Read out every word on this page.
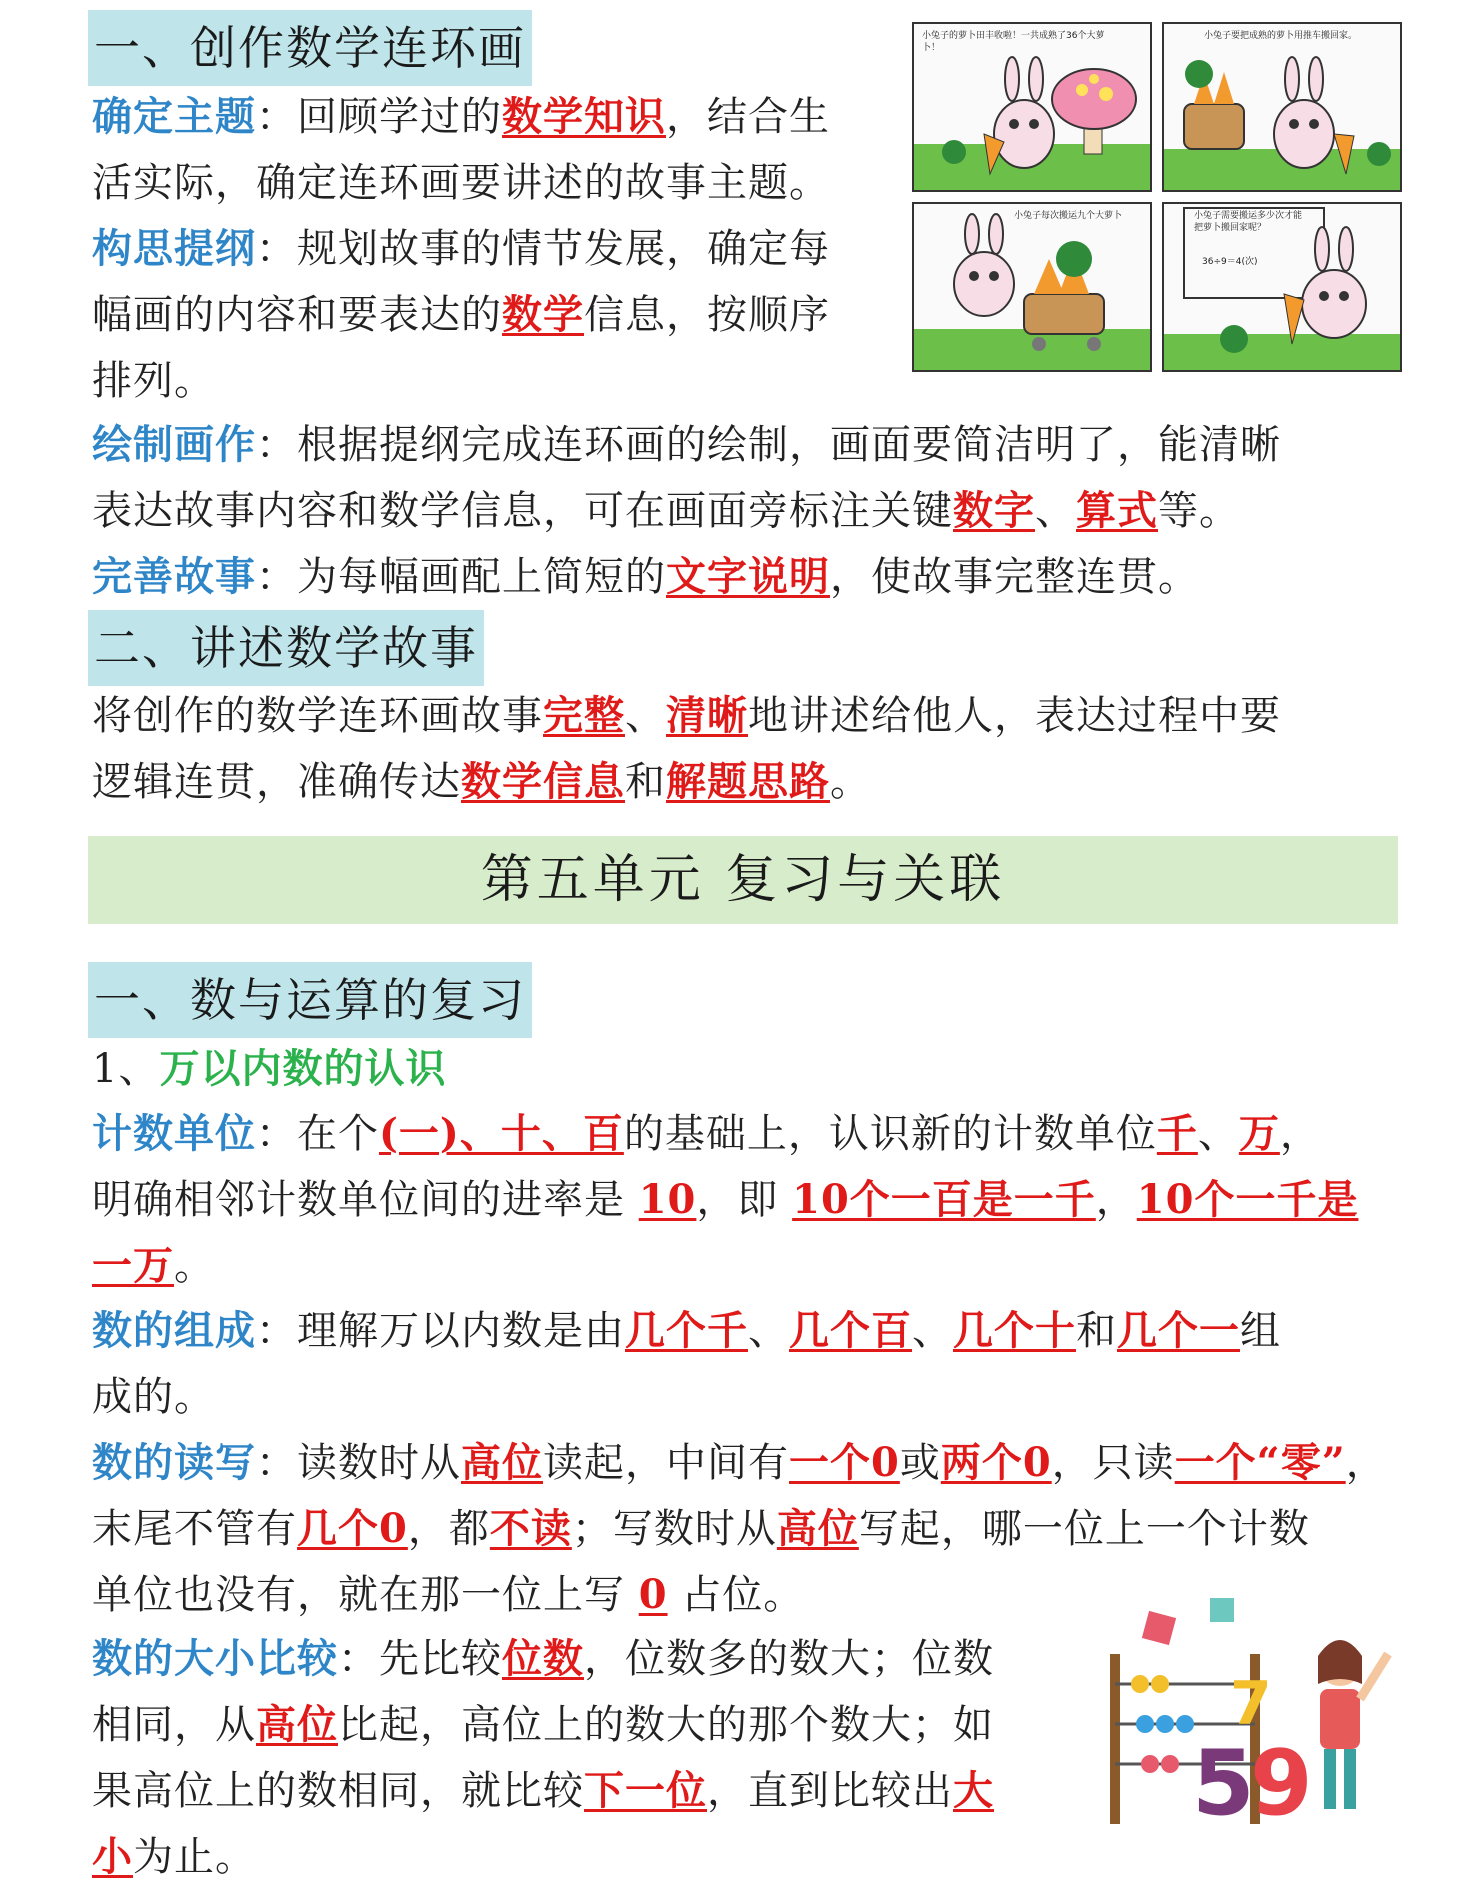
一、创作数学连环画

确定主题：回顾学过的数学知识，结合生
活实际，确定连环画要讲述的故事主题。

构思提纲：规划故事的情节发展，确定每
幅画的内容和要表达的数学信息，按顺序
排列。

绘制画作：根据提纲完成连环画的绘制，画面要简洁明了，能清晰
表达故事内容和数学信息，可在画面旁标注关键数字、算式等。

完善故事：为每幅画配上简短的文字说明，使故事完整连贯。

小兔子的萝卜田丰收啦！一共成熟了36个大萝卜！
小兔子要把成熟的萝卜用推车搬回家。
小兔子每次搬运九个大萝卜	小兔子需要搬运多少次才能把萝卜搬回家呢？
36÷9＝4(次)
二、讲述数学故事

将创作的数学连环画故事完整、清晰地讲述给他人，表达过程中要
逻辑连贯，准确传达数学信息和解题思路。

第五单元 复习与关联
一、数与运算的复习

1、万以内数的认识

计数单位：在个(一)、十、百的基础上，认识新的计数单位千、万，
明确相邻计数单位间的进率是 10，即 10个一百是一千，10个一千是
一万。

数的组成：理解万以内数是由几个千、几个百、几个十和几个一组
成的。

数的读写：读数时从高位读起，中间有一个0或两个0，只读一个“零”，
末尾不管有几个0，都不读；写数时从高位写起，哪一位上一个计数
单位也没有，就在那一位上写 0 占位。

数的大小比较：先比较位数，位数多的数大；位数
相同，从高位比起，高位上的数大的那个数大；如
果高位上的数相同，就比较下一位，直到比较出大
小为止。

5
9
7
